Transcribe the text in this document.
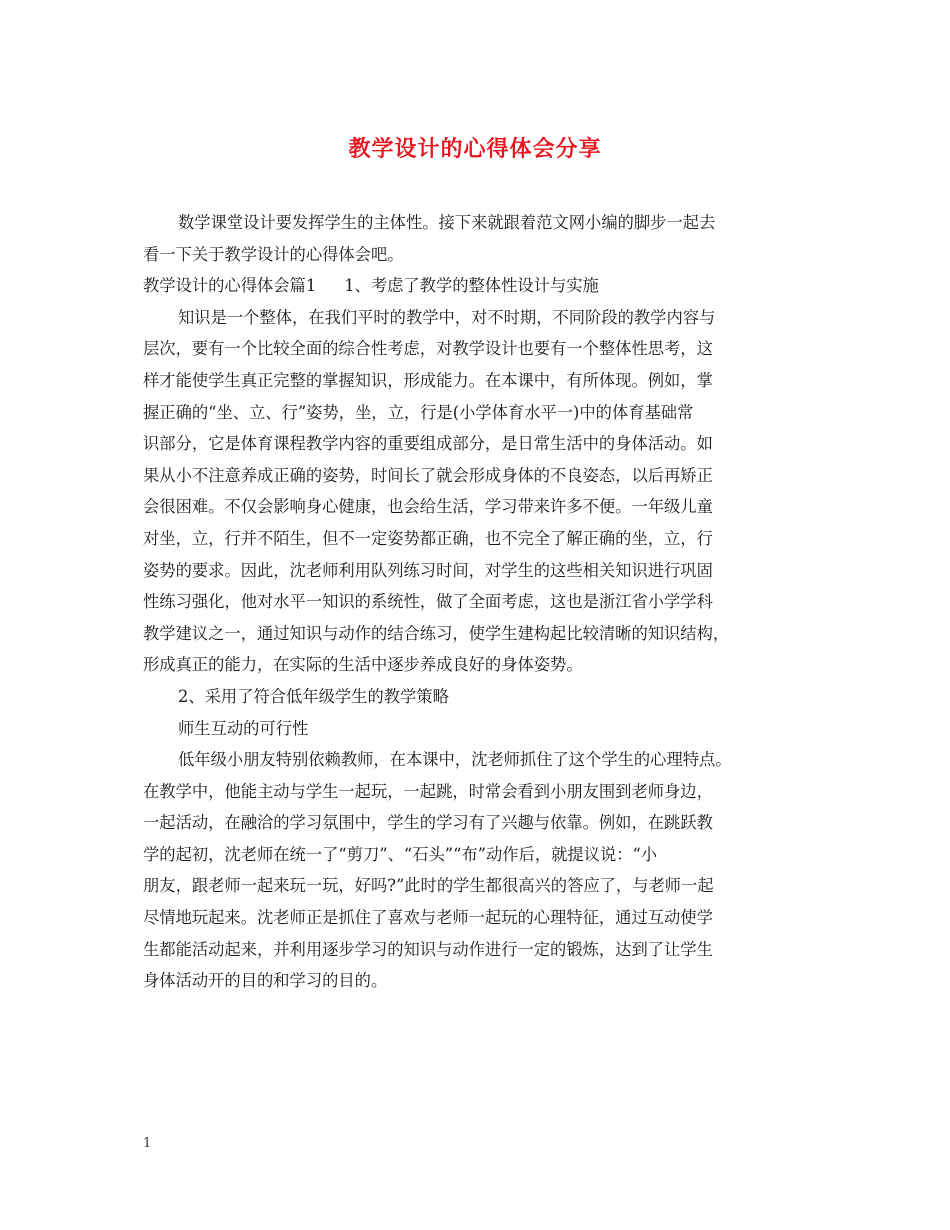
教学设计的心得体会分享

数学课堂设计要发挥学生的主体性。接下来就跟着范文网小编的脚步一起去

看一下关于教学设计的心得体会吧。

教学设计的心得体会篇1 1、考虑了教学的整体性设计与实施

知识是一个整体，在我们平时的教学中，对不时期，不同阶段的教学内容与

层次，要有一个比较全面的综合性考虑，对教学设计也要有一个整体性思考，这

样才能使学生真正完整的掌握知识，形成能力。在本课中，有所体现。例如，掌

握正确的“坐、立、行”姿势，坐，立，行是(小学体育水平一)中的体育基础常

识部分，它是体育课程教学内容的重要组成部分，是日常生活中的身体活动。如

果从小不注意养成正确的姿势，时间长了就会形成身体的不良姿态，以后再矫正

会很困难。不仅会影响身心健康，也会给生活，学习带来许多不便。一年级儿童

对坐，立，行并不陌生，但不一定姿势都正确，也不完全了解正确的坐，立，行

姿势的要求。因此，沈老师利用队列练习时间，对学生的这些相关知识进行巩固

性练习强化，他对水平一知识的系统性，做了全面考虑，这也是浙江省小学学科

教学建议之一，通过知识与动作的结合练习，使学生建构起比较清晰的知识结构，

形成真正的能力，在实际的生活中逐步养成良好的身体姿势。

2、采用了符合低年级学生的教学策略

师生互动的可行性

低年级小朋友特别依赖教师，在本课中，沈老师抓住了这个学生的心理特点。

在教学中，他能主动与学生一起玩，一起跳，时常会看到小朋友围到老师身边，

一起活动，在融洽的学习氛围中，学生的学习有了兴趣与依靠。例如，在跳跃教

学的起初，沈老师在统一了“剪刀”、“石头”“布”动作后，就提议说：“小

朋友，跟老师一起来玩一玩，好吗?”此时的学生都很高兴的答应了，与老师一起

尽情地玩起来。沈老师正是抓住了喜欢与老师一起玩的心理特征，通过互动使学

生都能活动起来，并利用逐步学习的知识与动作进行一定的锻炼，达到了让学生

身体活动开的目的和学习的目的。

1
